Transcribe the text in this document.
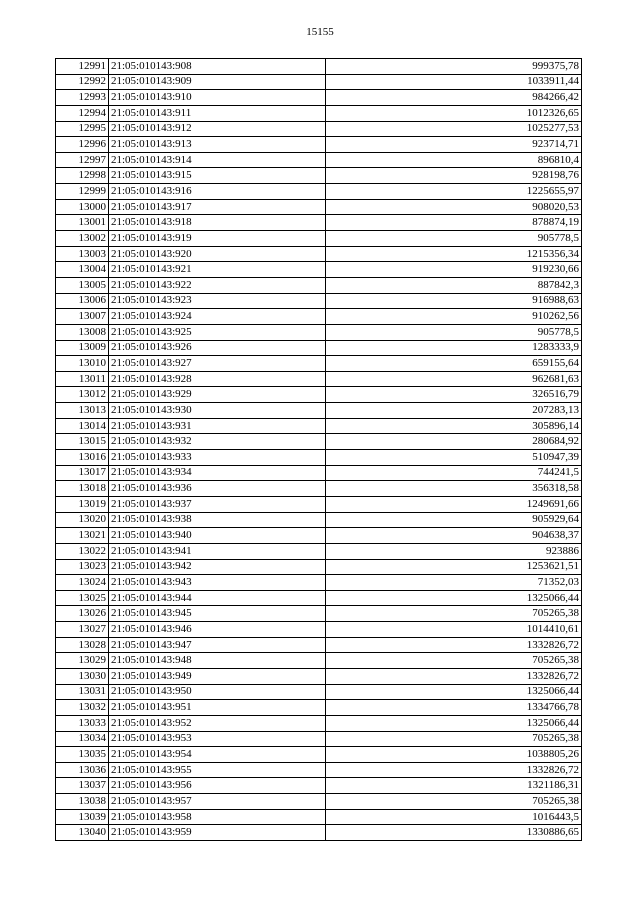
15155
12991	21:05:010143:908	999375,78
12992	21:05:010143:909	1033911,44
12993	21:05:010143:910	984266,42
12994	21:05:010143:911	1012326,65
12995	21:05:010143:912	1025277,53
12996	21:05:010143:913	923714,71
12997	21:05:010143:914	896810,4
12998	21:05:010143:915	928198,76
12999	21:05:010143:916	1225655,97
13000	21:05:010143:917	908020,53
13001	21:05:010143:918	878874,19
13002	21:05:010143:919	905778,5
13003	21:05:010143:920	1215356,34
13004	21:05:010143:921	919230,66
13005	21:05:010143:922	887842,3
13006	21:05:010143:923	916988,63
13007	21:05:010143:924	910262,56
13008	21:05:010143:925	905778,5
13009	21:05:010143:926	1283333,9
13010	21:05:010143:927	659155,64
13011	21:05:010143:928	962681,63
13012	21:05:010143:929	326516,79
13013	21:05:010143:930	207283,13
13014	21:05:010143:931	305896,14
13015	21:05:010143:932	280684,92
13016	21:05:010143:933	510947,39
13017	21:05:010143:934	744241,5
13018	21:05:010143:936	356318,58
13019	21:05:010143:937	1249691,66
13020	21:05:010143:938	905929,64
13021	21:05:010143:940	904638,37
13022	21:05:010143:941	923886
13023	21:05:010143:942	1253621,51
13024	21:05:010143:943	71352,03
13025	21:05:010143:944	1325066,44
13026	21:05:010143:945	705265,38
13027	21:05:010143:946	1014410,61
13028	21:05:010143:947	1332826,72
13029	21:05:010143:948	705265,38
13030	21:05:010143:949	1332826,72
13031	21:05:010143:950	1325066,44
13032	21:05:010143:951	1334766,78
13033	21:05:010143:952	1325066,44
13034	21:05:010143:953	705265,38
13035	21:05:010143:954	1038805,26
13036	21:05:010143:955	1332826,72
13037	21:05:010143:956	1321186,31
13038	21:05:010143:957	705265,38
13039	21:05:010143:958	1016443,5
13040	21:05:010143:959	1330886,65
